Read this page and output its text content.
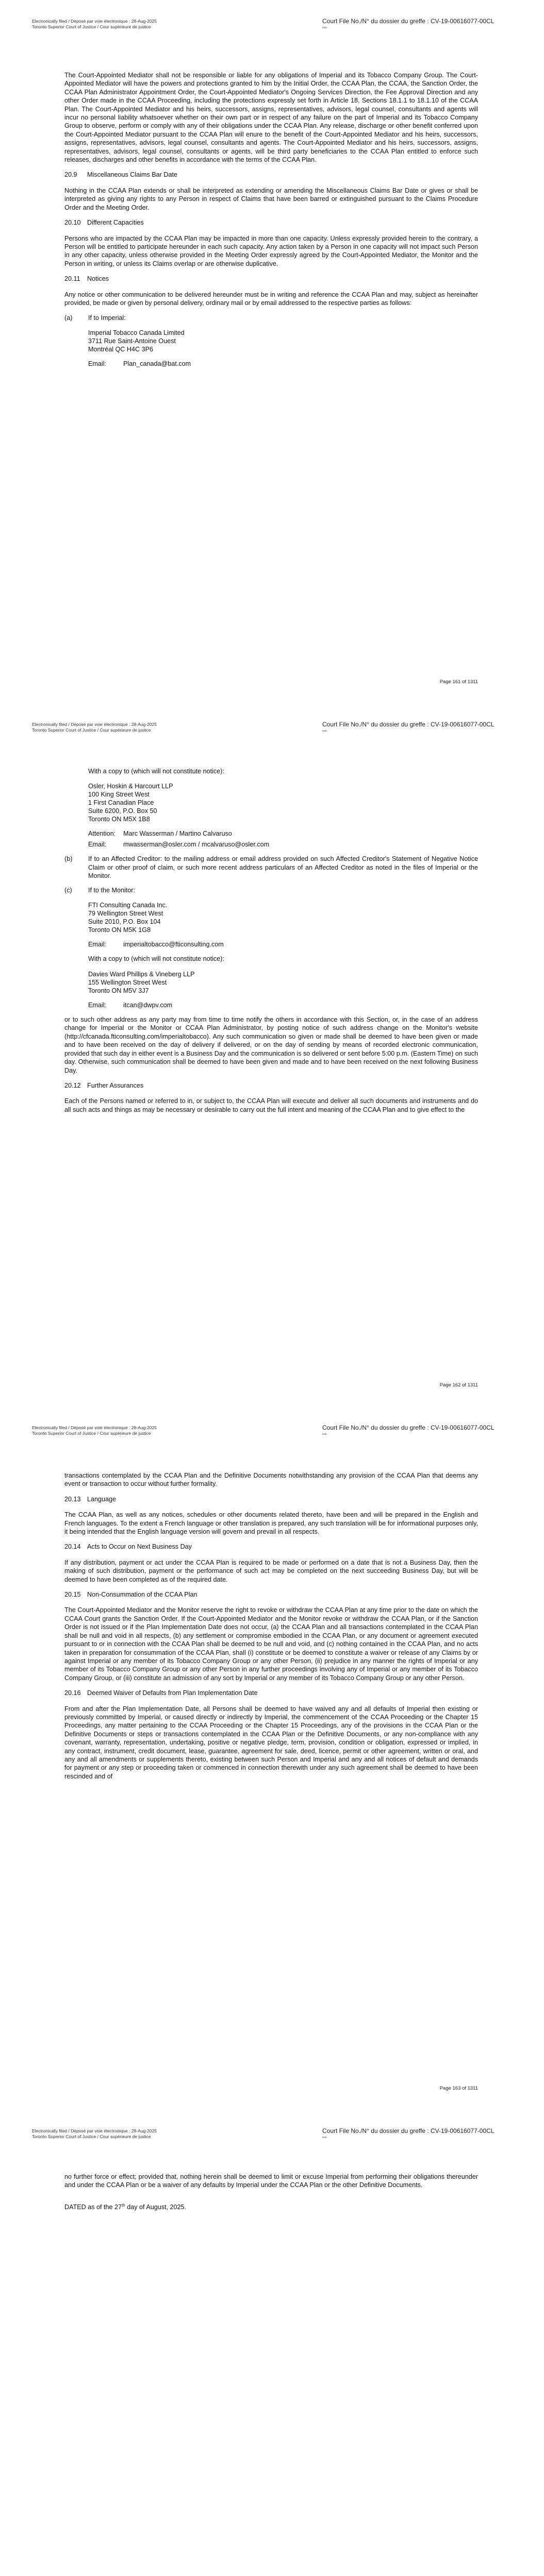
Electronically filed / Déposé par voie électronique : 28-Aug-2025
Toronto Superior Court of Justice / Cour supérieure de justice
Court File No./N° du dossier du greffe : CV-19-00616077-00CL
ᵉᵃᵉ

The Court-Appointed Mediator shall not be responsible or liable for any obligations of Imperial and its Tobacco Company Group. The Court-Appointed Mediator will have the powers and protections granted to him by the Initial Order, the CCAA Plan, the CCAA, the Sanction Order, the CCAA Plan Administrator Appointment Order, the Court-Appointed Mediator's Ongoing Services Direction, the Fee Approval Direction and any other Order made in the CCAA Proceeding, including the protections expressly set forth in Article 18, Sections 18.1.1 to 18.1.10 of the CCAA Plan. The Court-Appointed Mediator and his heirs, successors, assigns, representatives, advisors, legal counsel, consultants and agents will incur no personal liability whatsoever whether on their own part or in respect of any failure on the part of Imperial and its Tobacco Company Group to observe, perform or comply with any of their obligations under the CCAA Plan. Any release, discharge or other benefit conferred upon the Court-Appointed Mediator pursuant to the CCAA Plan will enure to the benefit of the Court-Appointed Mediator and his heirs, successors, assigns, representatives, advisors, legal counsel, consultants and agents. The Court-Appointed Mediator and his heirs, successors, assigns, representatives, advisors, legal counsel, consultants or agents, will be third party beneficiaries to the CCAA Plan entitled to enforce such releases, discharges and other benefits in accordance with the terms of the CCAA Plan.

20.9 Miscellaneous Claims Bar Date

Nothing in the CCAA Plan extends or shall be interpreted as extending or amending the Miscellaneous Claims Bar Date or gives or shall be interpreted as giving any rights to any Person in respect of Claims that have been barred or extinguished pursuant to the Claims Procedure Order and the Meeting Order.

20.10 Different Capacities

Persons who are impacted by the CCAA Plan may be impacted in more than one capacity. Unless expressly provided herein to the contrary, a Person will be entitled to participate hereunder in each such capacity. Any action taken by a Person in one capacity will not impact such Person in any other capacity, unless otherwise provided in the Meeting Order expressly agreed by the Court-Appointed Mediator, the Monitor and the Person in writing, or unless its Claims overlap or are otherwise duplicative.

20.11 Notices

Any notice or other communication to be delivered hereunder must be in writing and reference the CCAA Plan and may, subject as hereinafter provided, be made or given by personal delivery, ordinary mail or by email addressed to the respective parties as follows:

(a)	If to Imperial:
Imperial Tobacco Canada Limited
3711 Rue Saint-Antoine Ouest
Montréal QC H4C 3P6
Email:	Plan_canada@bat.com
Page 161 of 1311
Electronically filed / Déposé par voie électronique : 28-Aug-2025
Toronto Superior Court of Justice / Cour supérieure de justice
Court File No./N° du dossier du greffe : CV-19-00616077-00CL
ᵉᵃᵉ

With a copy to (which will not constitute notice):

Osler, Hoskin & Harcourt LLP
100 King Street West
1 First Canadian Place
Suite 6200, P.O. Box 50
Toronto ON M5X 1B8
Attention:	Marc Wasserman / Martino Calvaruso
Email:	mwasserman@osler.com / mcalvaruso@osler.com
(b)	If to an Affected Creditor: to the mailing address or email address provided on such Affected Creditor's Statement of Negative Notice Claim or other proof of claim, or such more recent address particulars of an Affected Creditor as noted in the files of Imperial or the Monitor.
(c)	If to the Monitor:
FTI Consulting Canada Inc.
79 Wellington Street West
Suite 2010, P.O. Box 104
Toronto ON M5K 1G8
Email:	imperialtobacco@fticonsulting.com

With a copy to (which will not constitute notice):

Davies Ward Phillips & Vineberg LLP
155 Wellington Street West
Toronto ON M5V 3J7
Email:	itcan@dwpv.com

or to such other address as any party may from time to time notify the others in accordance with this Section, or, in the case of an address change for Imperial or the Monitor or CCAA Plan Administrator, by posting notice of such address change on the Monitor's website (http://cfcanada.fticonsulting.com/imperialtobacco). Any such communication so given or made shall be deemed to have been given or made and to have been received on the day of delivery if delivered, or on the day of sending by means of recorded electronic communication, provided that such day in either event is a Business Day and the communication is so delivered or sent before 5:00 p.m. (Eastern Time) on such day. Otherwise, such communication shall be deemed to have been given and made and to have been received on the next following Business Day.

20.12 Further Assurances

Each of the Persons named or referred to in, or subject to, the CCAA Plan will execute and deliver all such documents and instruments and do all such acts and things as may be necessary or desirable to carry out the full intent and meaning of the CCAA Plan and to give effect to the

Page 162 of 1311
Electronically filed / Déposé par voie électronique : 28-Aug-2025
Toronto Superior Court of Justice / Cour supérieure de justice
Court File No./N° du dossier du greffe : CV-19-00616077-00CL
ᵉᵃᵉ

transactions contemplated by the CCAA Plan and the Definitive Documents notwithstanding any provision of the CCAA Plan that deems any event or transaction to occur without further formality.

20.13 Language

The CCAA Plan, as well as any notices, schedules or other documents related thereto, have been and will be prepared in the English and French languages. To the extent a French language or other translation is prepared, any such translation will be for informational purposes only, it being intended that the English language version will govern and prevail in all respects.

20.14 Acts to Occur on Next Business Day

If any distribution, payment or act under the CCAA Plan is required to be made or performed on a date that is not a Business Day, then the making of such distribution, payment or the performance of such act may be completed on the next succeeding Business Day, but will be deemed to have been completed as of the required date.

20.15 Non-Consummation of the CCAA Plan

The Court-Appointed Mediator and the Monitor reserve the right to revoke or withdraw the CCAA Plan at any time prior to the date on which the CCAA Court grants the Sanction Order. If the Court-Appointed Mediator and the Monitor revoke or withdraw the CCAA Plan, or if the Sanction Order is not issued or if the Plan Implementation Date does not occur, (a) the CCAA Plan and all transactions contemplated in the CCAA Plan shall be null and void in all respects, (b) any settlement or compromise embodied in the CCAA Plan, or any document or agreement executed pursuant to or in connection with the CCAA Plan shall be deemed to be null and void, and (c) nothing contained in the CCAA Plan, and no acts taken in preparation for consummation of the CCAA Plan, shall (i) constitute or be deemed to constitute a waiver or release of any Claims by or against Imperial or any member of its Tobacco Company Group or any other Person, (ii) prejudice in any manner the rights of Imperial or any member of its Tobacco Company Group or any other Person in any further proceedings involving any of Imperial or any member of its Tobacco Company Group, or (iii) constitute an admission of any sort by Imperial or any member of its Tobacco Company Group or any other Person.

20.16 Deemed Waiver of Defaults from Plan Implementation Date

From and after the Plan Implementation Date, all Persons shall be deemed to have waived any and all defaults of Imperial then existing or previously committed by Imperial, or caused directly or indirectly by Imperial, the commencement of the CCAA Proceeding or the Chapter 15 Proceedings, any matter pertaining to the CCAA Proceeding or the Chapter 15 Proceedings, any of the provisions in the CCAA Plan or the Definitive Documents or steps or transactions contemplated in the CCAA Plan or the Definitive Documents, or any non-compliance with any covenant, warranty, representation, undertaking, positive or negative pledge, term, provision, condition or obligation, expressed or implied, in any contract, instrument, credit document, lease, guarantee, agreement for sale, deed, licence, permit or other agreement, written or oral, and any and all amendments or supplements thereto, existing between such Person and Imperial and any and all notices of default and demands for payment or any step or proceeding taken or commenced in connection therewith under any such agreement shall be deemed to have been rescinded and of

Page 163 of 1311
Electronically filed / Déposé par voie électronique : 28-Aug-2025
Toronto Superior Court of Justice / Cour supérieure de justice
Court File No./N° du dossier du greffe : CV-19-00616077-00CL
ᵉᵃᵉ

no further force or effect; provided that, nothing herein shall be deemed to limit or excuse Imperial from performing their obligations thereunder and under the CCAA Plan or be a waiver of any defaults by Imperial under the CCAA Plan or the other Definitive Documents.

DATED as of the 27th day of August, 2025.
